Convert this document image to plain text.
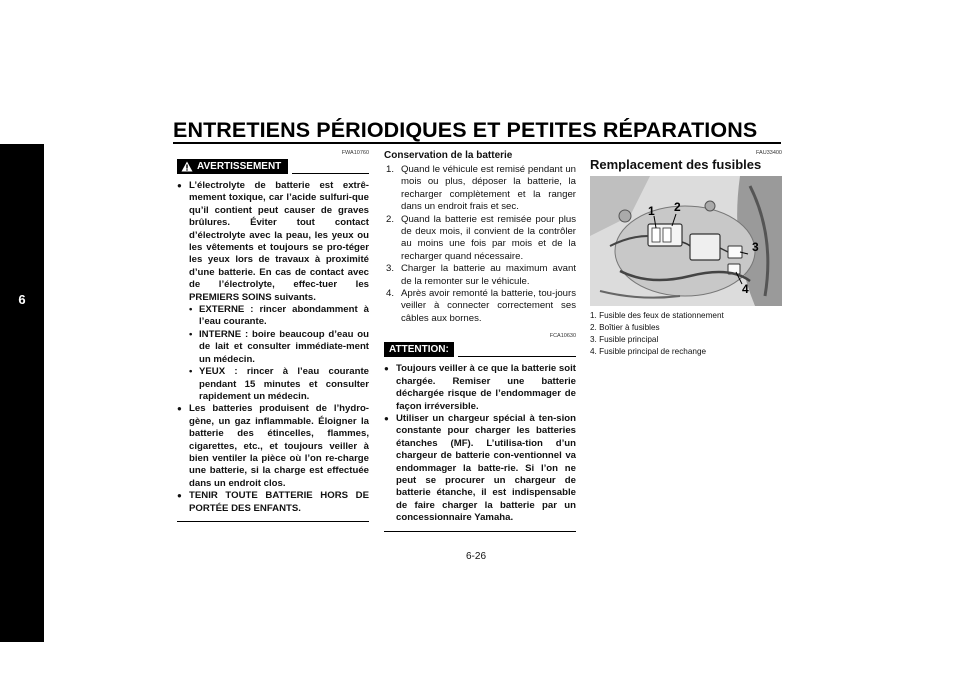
ENTRETIENS PÉRIODIQUES ET PETITES RÉPARATIONS
6
FWA10760
AVERTISSEMENT
● L’électrolyte de batterie est extrê-mement toxique, car l’acide sulfuri-que qu’il contient peut causer de graves brûlures. Éviter tout contact d’électrolyte avec la peau, les yeux ou les vêtements et toujours se pro-téger les yeux lors de travaux à proximité d’une batterie. En cas de contact avec de l’électrolyte, effec-tuer les PREMIERS SOINS suivants.
• EXTERNE : rincer abondamment à l’eau courante.
• INTERNE : boire beaucoup d’eau ou de lait et consulter immédiate-ment un médecin.
• YEUX : rincer à l’eau courante pendant 15 minutes et consulter rapidement un médecin.
● Les batteries produisent de l’hydro-gène, un gaz inflammable. Éloigner la batterie des étincelles, flammes, cigarettes, etc., et toujours veiller à bien ventiler la pièce où l’on re-charge une batterie, si la charge est effectuée dans un endroit clos.
● TENIR TOUTE BATTERIE HORS DE PORTÉE DES ENFANTS.
Conservation de la batterie
1. Quand le véhicule est remisé pendant un mois ou plus, déposer la batterie, la recharger complètement et la ranger dans un endroit frais et sec.
2. Quand la batterie est remisée pour plus de deux mois, il convient de la contrôler au moins une fois par mois et de la recharger quand nécessaire.
3. Charger la batterie au maximum avant de la remonter sur le véhicule.
4. Après avoir remonté la batterie, tou-jours veiller à connecter correctement ses câbles aux bornes.
FCA10630
ATTENTION:
● Toujours veiller à ce que la batterie soit chargée. Remiser une batterie déchargée risque de l’endommager de façon irréversible.
● Utiliser un chargeur spécial à ten-sion constante pour charger les batteries étanches (MF). L’utilisa-tion d’un chargeur de batterie con-ventionnel va endommager la batte-rie. Si l’on ne peut se procurer un chargeur de batterie étanche, il est indispensable de faire charger la batterie par un concessionnaire Yamaha.
FAU33400
Remplacement des fusibles
1 2
3
4
1. Fusible des feux de stationnement
2. Boîtier à fusibles
3. Fusible principal
4. Fusible principal de rechange
6-26
